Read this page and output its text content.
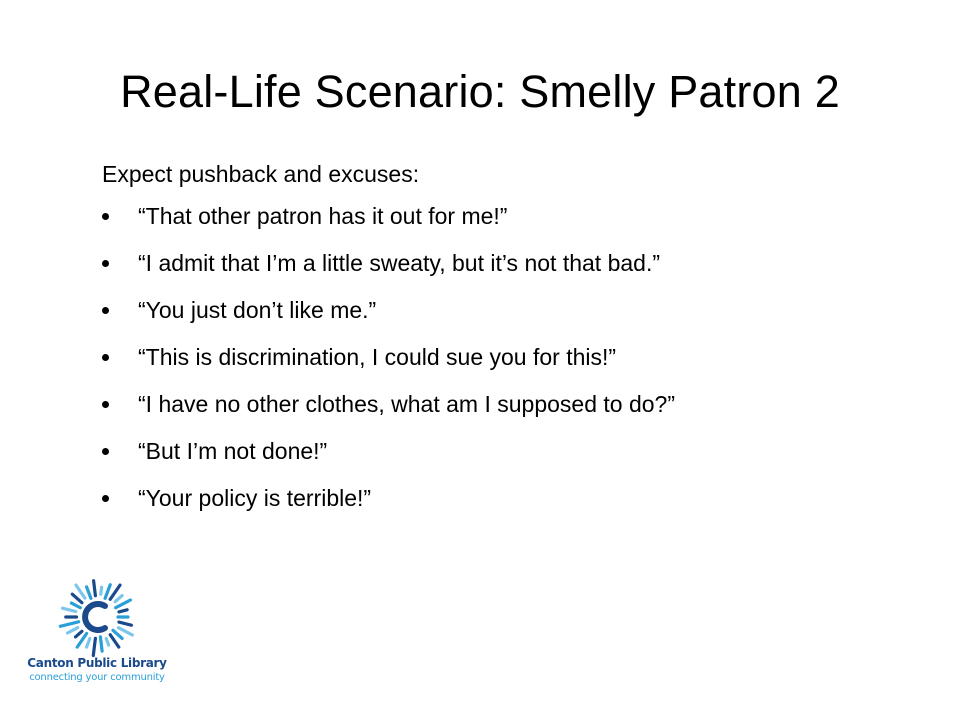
Real-Life Scenario: Smelly Patron 2
Expect pushback and excuses:
“That other patron has it out for me!”
“I admit that I’m a little sweaty, but it’s not that bad.”
“You just don’t like me.”
“This is discrimination, I could sue you for this!”
“I have no other clothes, what am I supposed to do?”
“But I’m not done!”
“Your policy is terrible!”
Canton Public Library
connecting your community
